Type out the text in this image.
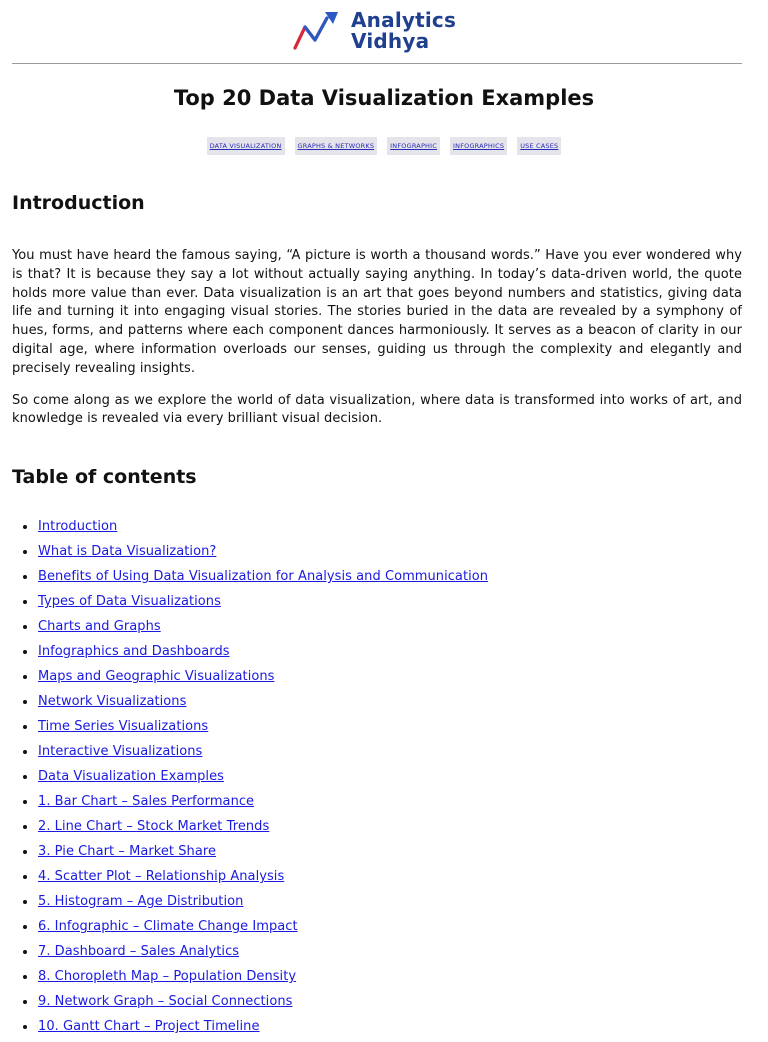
Analytics
Vidhya
Top 20 Data Visualization Examples
DATA VISUALIZATION GRAPHS & NETWORKS INFOGRAPHIC INFOGRAPHICS USE CASES
Introduction

You must have heard the famous saying, “A picture is worth a thousand words.” Have you ever wondered why is that? It is because they say a lot without actually saying anything. In today’s data-driven world, the quote holds more value than ever. Data visualization is an art that goes beyond numbers and statistics, giving data life and turning it into engaging visual stories. The stories buried in the data are revealed by a symphony of hues, forms, and patterns where each component dances harmoniously. It serves as a beacon of clarity in our digital age, where information overloads our senses, guiding us through the complexity and elegantly and precisely revealing insights.

So come along as we explore the world of data visualization, where data is transformed into works of art, and knowledge is revealed via every brilliant visual decision.

Table of contents
Introduction
What is Data Visualization?
Benefits of Using Data Visualization for Analysis and Communication
Types of Data Visualizations
Charts and Graphs
Infographics and Dashboards
Maps and Geographic Visualizations
Network Visualizations
Time Series Visualizations
Interactive Visualizations
Data Visualization Examples
1. Bar Chart – Sales Performance
2. Line Chart – Stock Market Trends
3. Pie Chart – Market Share
4. Scatter Plot – Relationship Analysis
5. Histogram – Age Distribution
6. Infographic – Climate Change Impact
7. Dashboard – Sales Analytics
8. Choropleth Map – Population Density
9. Network Graph – Social Connections
10. Gantt Chart – Project Timeline
